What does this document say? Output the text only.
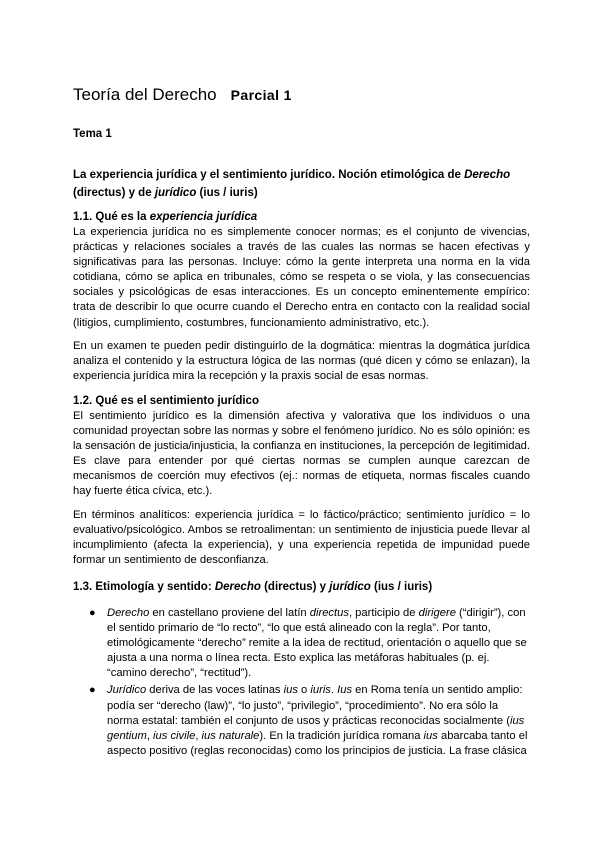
Teoría del Derecho Parcial 1
Tema 1
La experiencia jurídica y el sentimiento jurídico. Noción etimológica de Derecho (directus) y de jurídico (ius / iuris)
1.1. Qué es la experiencia jurídica
La experiencia jurídica no es simplemente conocer normas; es el conjunto de vivencias, prácticas y relaciones sociales a través de las cuales las normas se hacen efectivas y significativas para las personas. Incluye: cómo la gente interpreta una norma en la vida cotidiana, cómo se aplica en tribunales, cómo se respeta o se viola, y las consecuencias sociales y psicológicas de esas interacciones. Es un concepto eminentemente empírico: trata de describir lo que ocurre cuando el Derecho entra en contacto con la realidad social (litigios, cumplimiento, costumbres, funcionamiento administrativo, etc.).
En un examen te pueden pedir distinguirlo de la dogmática: mientras la dogmática jurídica analiza el contenido y la estructura lógica de las normas (qué dicen y cómo se enlazan), la experiencia jurídica mira la recepción y la praxis social de esas normas.
1.2. Qué es el sentimiento jurídico
El sentimiento jurídico es la dimensión afectiva y valorativa que los individuos o una comunidad proyectan sobre las normas y sobre el fenómeno jurídico. No es sólo opinión: es la sensación de justicia/injusticia, la confianza en instituciones, la percepción de legitimidad. Es clave para entender por qué ciertas normas se cumplen aunque carezcan de mecanismos de coerción muy efectivos (ej.: normas de etiqueta, normas fiscales cuando hay fuerte ética cívica, etc.).
En términos analíticos: experiencia jurídica = lo fáctico/práctico; sentimiento jurídico = lo evaluativo/psicológico. Ambos se retroalimentan: un sentimiento de injusticia puede llevar al incumplimiento (afecta la experiencia), y una experiencia repetida de impunidad puede formar un sentimiento de desconfianza.
1.3. Etimología y sentido: Derecho (directus) y jurídico (ius / iuris)
● Derecho en castellano proviene del latín directus, participio de dirigere (“dirigir”), con el sentido primario de “lo recto”, “lo que está alineado con la regla”. Por tanto, etimológicamente “derecho” remite a la idea de rectitud, orientación o aquello que se ajusta a una norma o línea recta. Esto explica las metáforas habituales (p. ej. “camino derecho”, “rectitud”).
● Jurídico deriva de las voces latinas ius o iuris. Ius en Roma tenía un sentido amplio: podía ser “derecho (law)”, “lo justo”, “privilegio”, “procedimiento”. No era sólo la norma estatal: también el conjunto de usos y prácticas reconocidas socialmente (ius gentium, ius civile, ius naturale). En la tradición jurídica romana ius abarcaba tanto el aspecto positivo (reglas reconocidas) como los principios de justicia. La frase clásica
